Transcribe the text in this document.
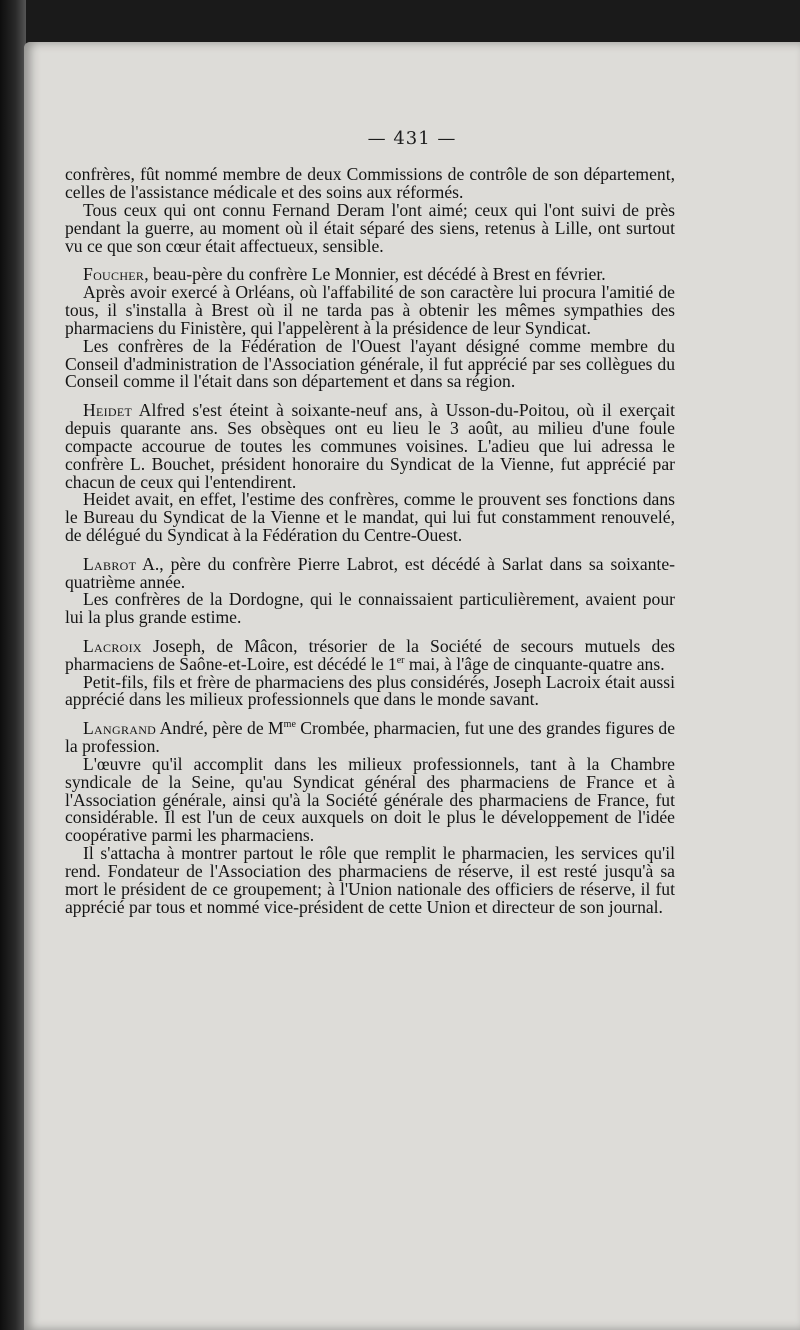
— 431 —

confrères, fût nommé membre de deux Commissions de contrôle de son département, celles de l'assistance médicale et des soins aux réformés.

Tous ceux qui ont connu Fernand Deram l'ont aimé; ceux qui l'ont suivi de près pendant la guerre, au moment où il était séparé des siens, retenus à Lille, ont surtout vu ce que son cœur était affectueux, sensible.

Foucher, beau-père du confrère Le Monnier, est décédé à Brest en février.

Après avoir exercé à Orléans, où l'affabilité de son caractère lui procura l'amitié de tous, il s'installa à Brest où il ne tarda pas à obtenir les mêmes sympathies des pharmaciens du Finistère, qui l'appelèrent à la présidence de leur Syndicat.

Les confrères de la Fédération de l'Ouest l'ayant désigné comme membre du Conseil d'administration de l'Association générale, il fut apprécié par ses collègues du Conseil comme il l'était dans son département et dans sa région.

Heidet Alfred s'est éteint à soixante-neuf ans, à Usson-du-Poitou, où il exerçait depuis quarante ans. Ses obsèques ont eu lieu le 3 août, au milieu d'une foule compacte accourue de toutes les communes voisines. L'adieu que lui adressa le confrère L. Bouchet, président honoraire du Syndicat de la Vienne, fut apprécié par chacun de ceux qui l'entendirent.

Heidet avait, en effet, l'estime des confrères, comme le prouvent ses fonctions dans le Bureau du Syndicat de la Vienne et le mandat, qui lui fut constamment renouvelé, de délégué du Syndicat à la Fédération du Centre-Ouest.

Labrot A., père du confrère Pierre Labrot, est décédé à Sarlat dans sa soixante-quatrième année.

Les confrères de la Dordogne, qui le connaissaient particulièrement, avaient pour lui la plus grande estime.

Lacroix Joseph, de Mâcon, trésorier de la Société de secours mutuels des pharmaciens de Saône-et-Loire, est décédé le 1er mai, à l'âge de cinquante-quatre ans.

Petit-fils, fils et frère de pharmaciens des plus considérés, Joseph Lacroix était aussi apprécié dans les milieux professionnels que dans le monde savant.

Langrand André, père de $M^{me}$ Crombée, pharmacien, fut une des grandes figures de la profession.

L'œuvre qu'il accomplit dans les milieux professionnels, tant à la Chambre syndicale de la Seine, qu'au Syndicat général des pharmaciens de France et à l'Association générale, ainsi qu'à la Société générale des pharmaciens de France, fut considérable. Il est l'un de ceux auxquels on doit le plus le développement de l'idée coopérative parmi les pharmaciens.

Il s'attacha à montrer partout le rôle que remplit le pharmacien, les services qu'il rend. Fondateur de l'Association des pharmaciens de réserve, il est resté jusqu'à sa mort le président de ce groupement; à l'Union nationale des officiers de réserve, il fut apprécié par tous et nommé vice-président de cette Union et directeur de son journal.
